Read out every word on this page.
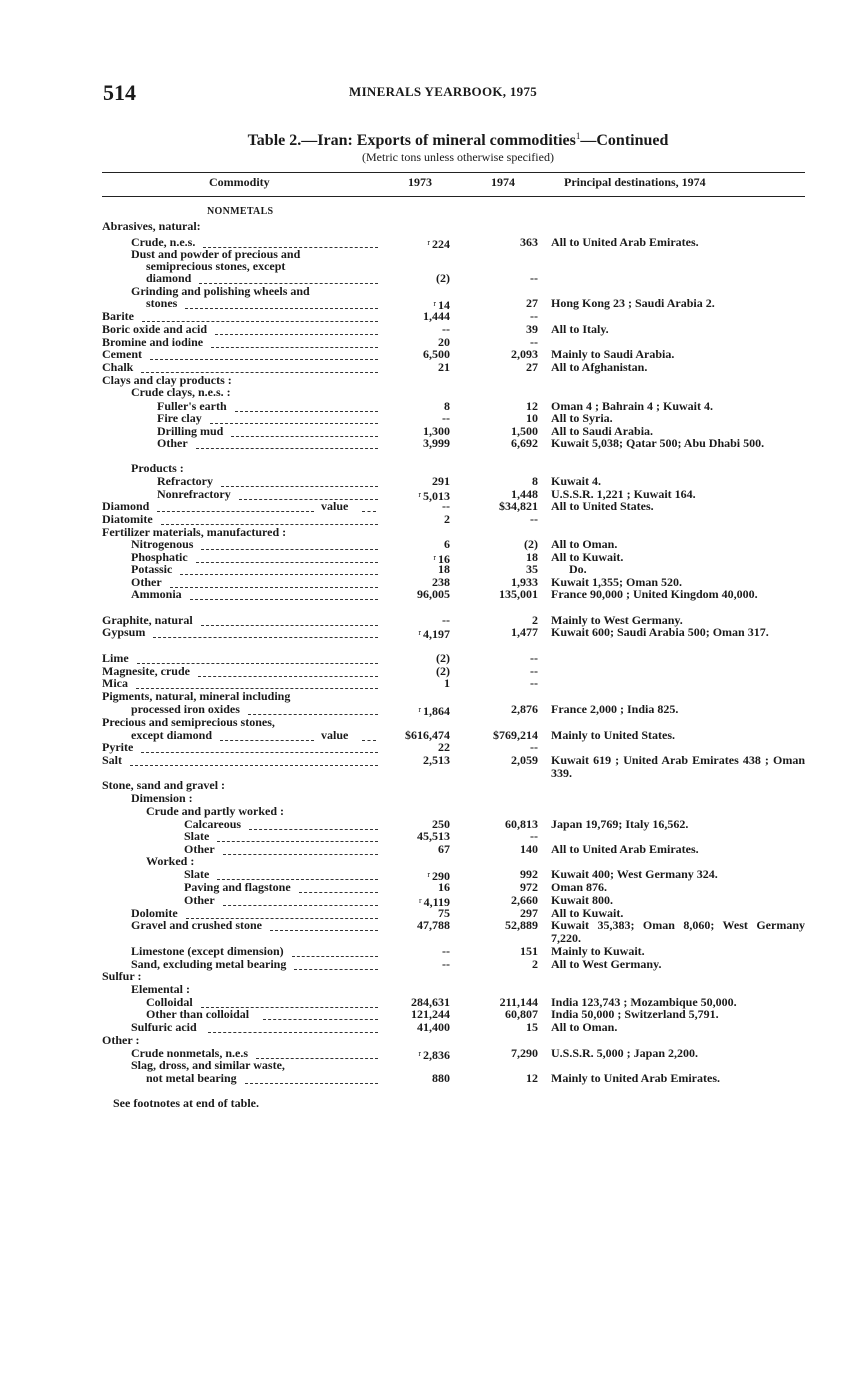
514	MINERALS YEARBOOK, 1975
Table 2.—Iran: Exports of mineral commodities$^1$—Continued
(Metric tons unless otherwise specified)
Commodity	1973	1974	Principal destinations, 1974
NONMETALS
Abrasives, natural:
Crude, n.e.s.	$^r$ 224	363 All to United Arab Emirates.
Dust and powder of precious and
semiprecious stones, except
diamond	(2)	--
Grinding and polishing wheels and
stones	$^r$ 14	27 Hong Kong 23 ; Saudi Arabia 2.
Barite	1,444	--
Boric oxide and acid	--	39 All to Italy.
Bromine and iodine	20	--
Cement	6,500	2,093 Mainly to Saudi Arabia.
Chalk	21	27 All to Afghanistan.
Clays and clay products :
Crude clays, n.e.s. :
Fuller's earth	8	12 Oman 4 ; Bahrain 4 ; Kuwait 4.
Fire clay	--	10 All to Syria.
Drilling mud	1,300	1,500 All to Saudi Arabia.
Other	3,999	6,692 Kuwait 5,038; Qatar 500; Abu Dhabi 500.
Products :
Refractory	291	8 Kuwait 4.
Nonrefractory	$^r$ 5,013	1,448 U.S.S.R. 1,221 ; Kuwait 164.
Diamond	value	--	$34,821 All to United States.
Diatomite	2	--
Fertilizer materials, manufactured :
Nitrogenous	6	(2) All to Oman.
Phosphatic	$^r$ 16	18 All to Kuwait.
Potassic	18	35 Do.
Other	238	1,933 Kuwait 1,355; Oman 520.
Ammonia	96,005	135,001 France 90,000 ; United Kingdom 40,000.
Graphite, natural	--	2 Mainly to West Germany.
Gypsum	$^r$ 4,197	1,477 Kuwait 600; Saudi Arabia 500; Oman 317.
Lime	(2)	--
Magnesite, crude	(2)	--
Mica	1	--
Pigments, natural, mineral including
processed iron oxides	$^r$ 1,864	2,876 France 2,000 ; India 825.
Precious and semiprecious stones,
except diamond	value	$616,474	$769,214 Mainly to United States.
Pyrite	22	--
Salt	2,513	2,059 Kuwait 619 ; United Arab Emirates 438 ; Oman 339.
Stone, sand and gravel :
Dimension :
Crude and partly worked :
Calcareous	250	60,813 Japan 19,769; Italy 16,562.
Slate	45,513	--
Other	67	140 All to United Arab Emirates.
Worked :
Slate	$^r$ 290	992 Kuwait 400; West Germany 324.
Paving and flagstone	16	972 Oman 876.
Other	$^r$ 4,119	2,660 Kuwait 800.
Dolomite	75	297 All to Kuwait.
Gravel and crushed stone	47,788	52,889 Kuwait 35,383; Oman 8,060; West Germany 7,220.
Limestone (except dimension)	--	151 Mainly to Kuwait.
Sand, excluding metal bearing	--	2 All to West Germany.
Sulfur :
Elemental :
Colloidal	284,631	211,144 India 123,743 ; Mozambique 50,000.
Other than colloidal	121,244	60,807 India 50,000 ; Switzerland 5,791.
Sulfuric acid	41,400	15 All to Oman.
Other :
Crude nonmetals, n.e.s	$^r$ 2,836	7,290 U.S.S.R. 5,000 ; Japan 2,200.
Slag, dross, and similar waste,
not metal bearing	880	12 Mainly to United Arab Emirates.
See footnotes at end of table.
